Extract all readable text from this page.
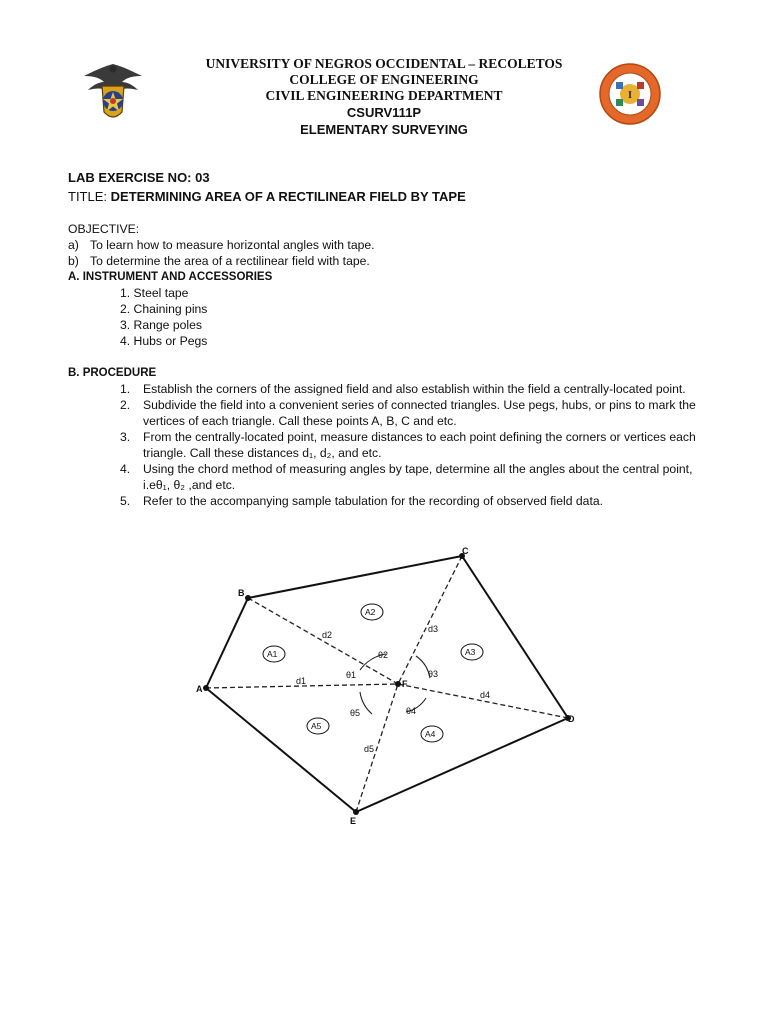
I
UNIVERSITY OF NEGROS OCCIDENTAL – RECOLETOS
COLLEGE OF ENGINEERING
CIVIL ENGINEERING DEPARTMENT
CSURV111P
ELEMENTARY SURVEYING

LAB EXERCISE NO: 03

TITLE: DETERMINING AREA OF A RECTILINEAR FIELD BY TAPE

OBJECTIVE:
a) To learn how to measure horizontal angles with tape.
b) To determine the area of a rectilinear field with tape.

A. INSTRUMENT AND ACCESSORIES

1. Steel tape
2. Chaining pins
3. Range poles
4. Hubs or Pegs

B. PROCEDURE

1. Establish the corners of the assigned field and also establish within the field a centrally-located point.
2. Subdivide the field into a convenient series of connected triangles. Use pegs, hubs, or pins to mark the vertices of each triangle. Call these points A, B, C and etc.
3. From the centrally-located point, measure distances to each point defining the corners or vertices each triangle. Call these distances d₁, d₂, and etc.
4. Using the chord method of measuring angles by tape, determine all the angles about the central point, i.eθ₁, θ₂ ,and etc.
5. Refer to the accompanying sample tabulation for the recording of observed field data.
A
B
C
D
E
F
d1
d2
d3
d4
d5
θ1
θ2
θ3
θ4
θ5
A1
A2
A3
A4
A5
